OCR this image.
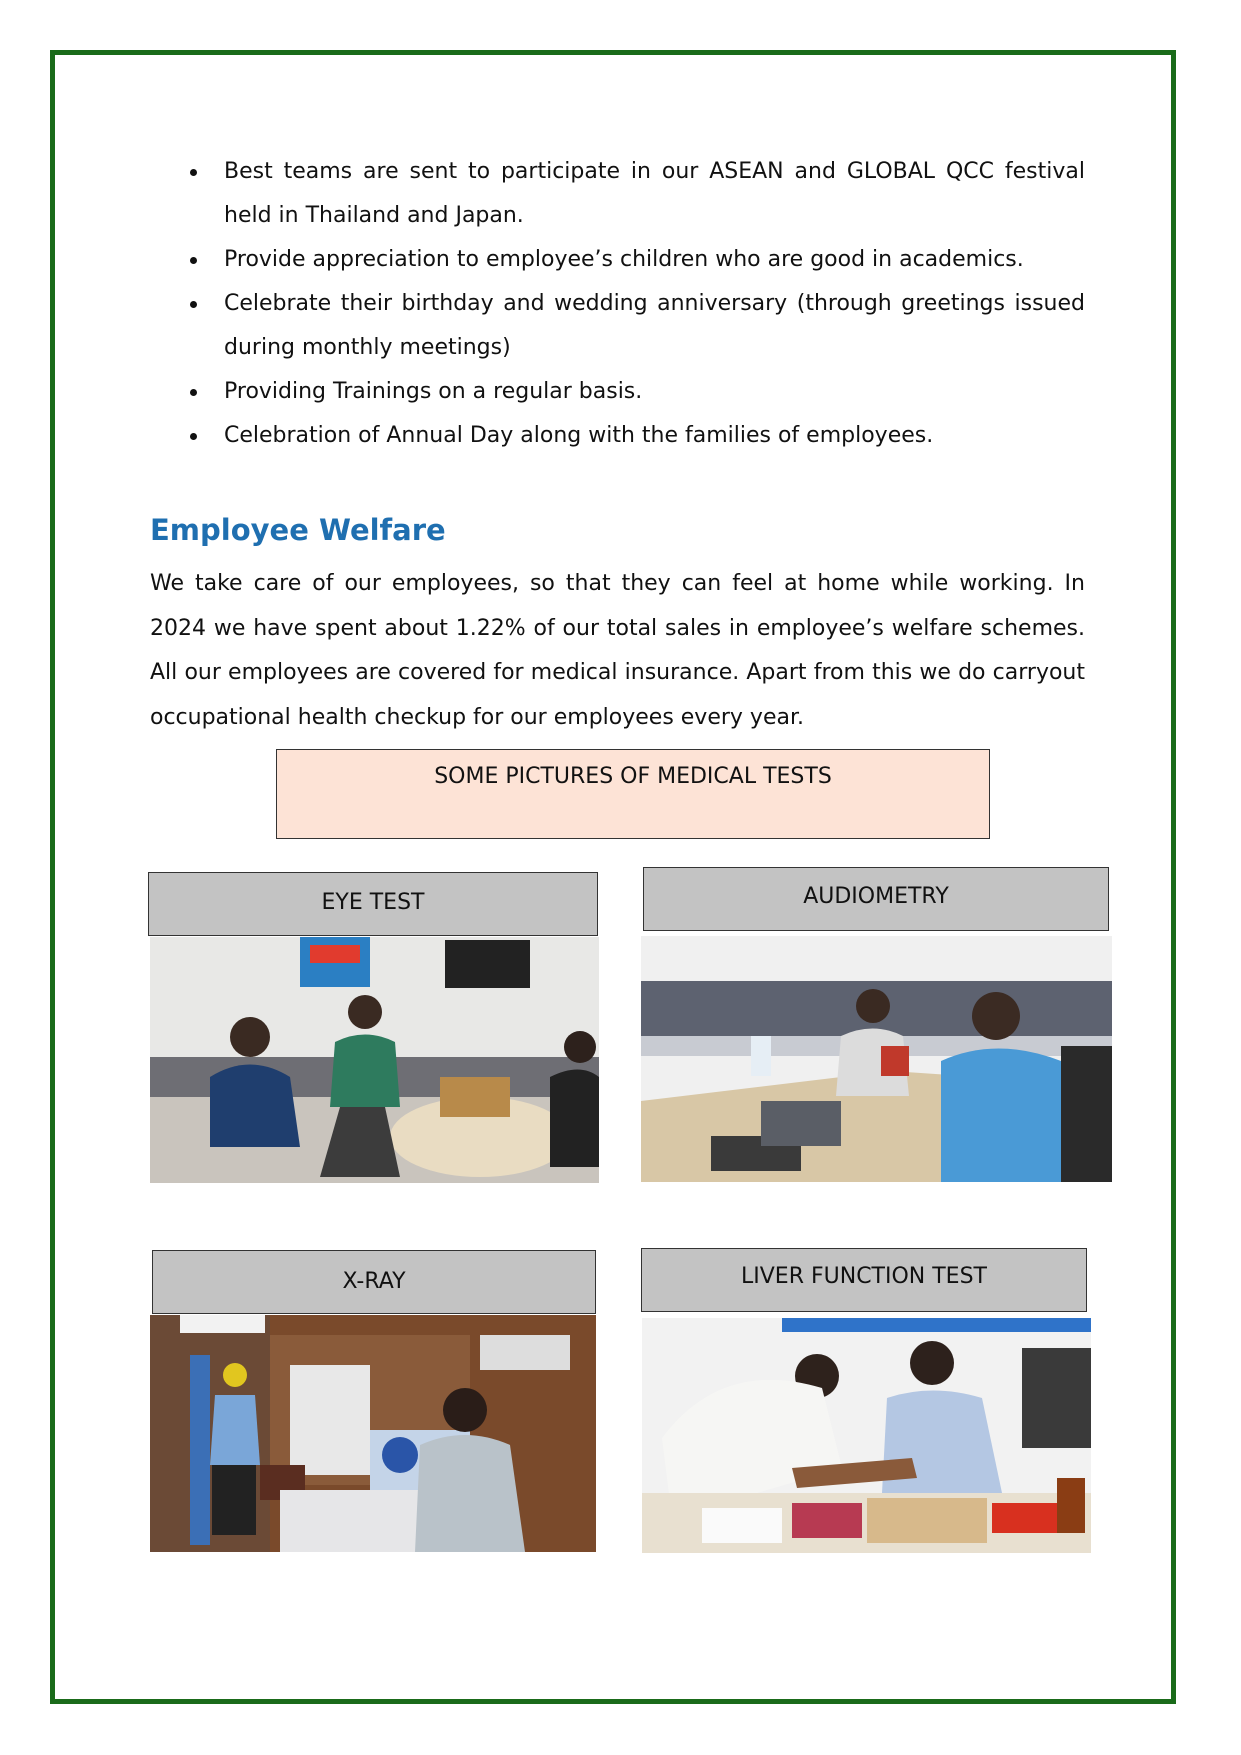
Best teams are sent to participate in our ASEAN and GLOBAL QCC festival held in Thailand and Japan.
Provide appreciation to employee’s children who are good in academics.
Celebrate their birthday and wedding anniversary (through greetings issued during monthly meetings)
Providing Trainings on a regular basis.
Celebration of Annual Day along with the families of employees.
Employee Welfare

We take care of our employees, so that they can feel at home while working. In 2024 we have spent about 1.22% of our total sales in employee’s welfare schemes. All our employees are covered for medical insurance. Apart from this we do carryout occupational health checkup for our employees every year.

SOME PICTURES OF MEDICAL TESTS
EYE TEST	AUDIOMETRY
X-RAY	LIVER FUNCTION TEST
